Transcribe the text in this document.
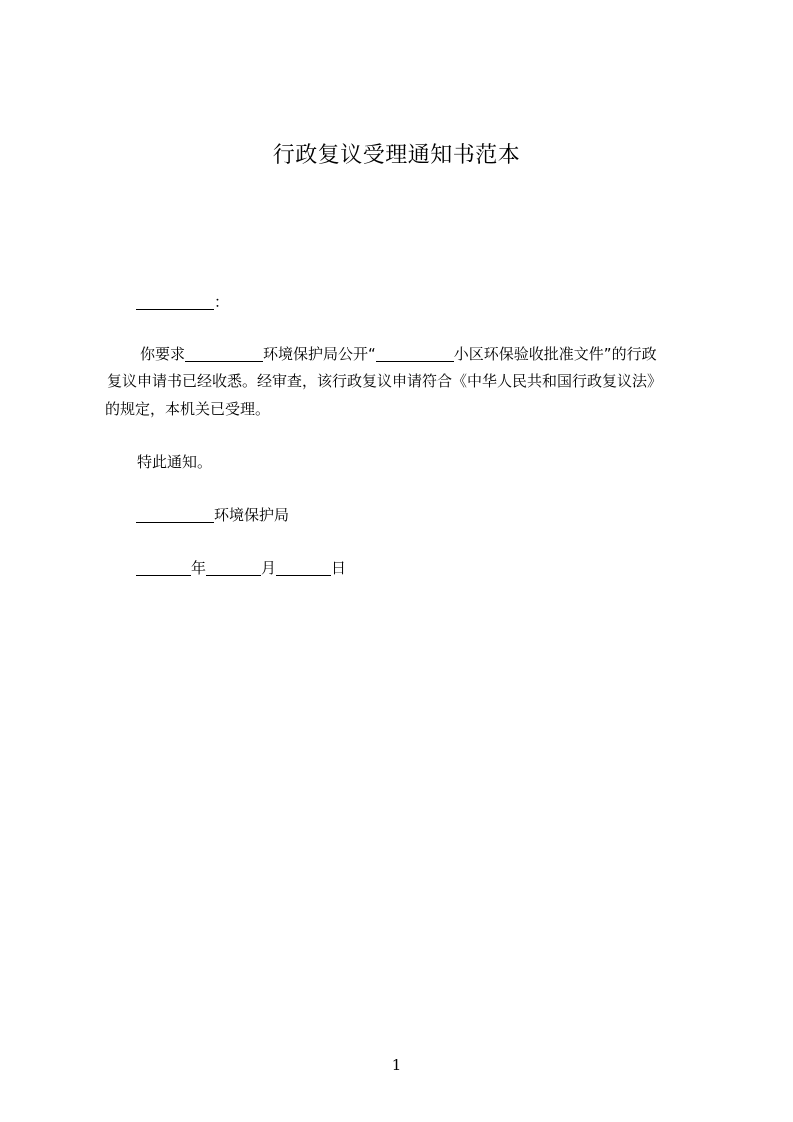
行政复议受理通知书范本
：
你要求	环境保护局公开“	小区环保验收批准文件”的行政
复议申请书已经收悉。经审查，该行政复议申请符合《中华人民共和国行政复议法》
的规定，本机关已受理。
特此通知。
环境保护局
年	月	日
1
